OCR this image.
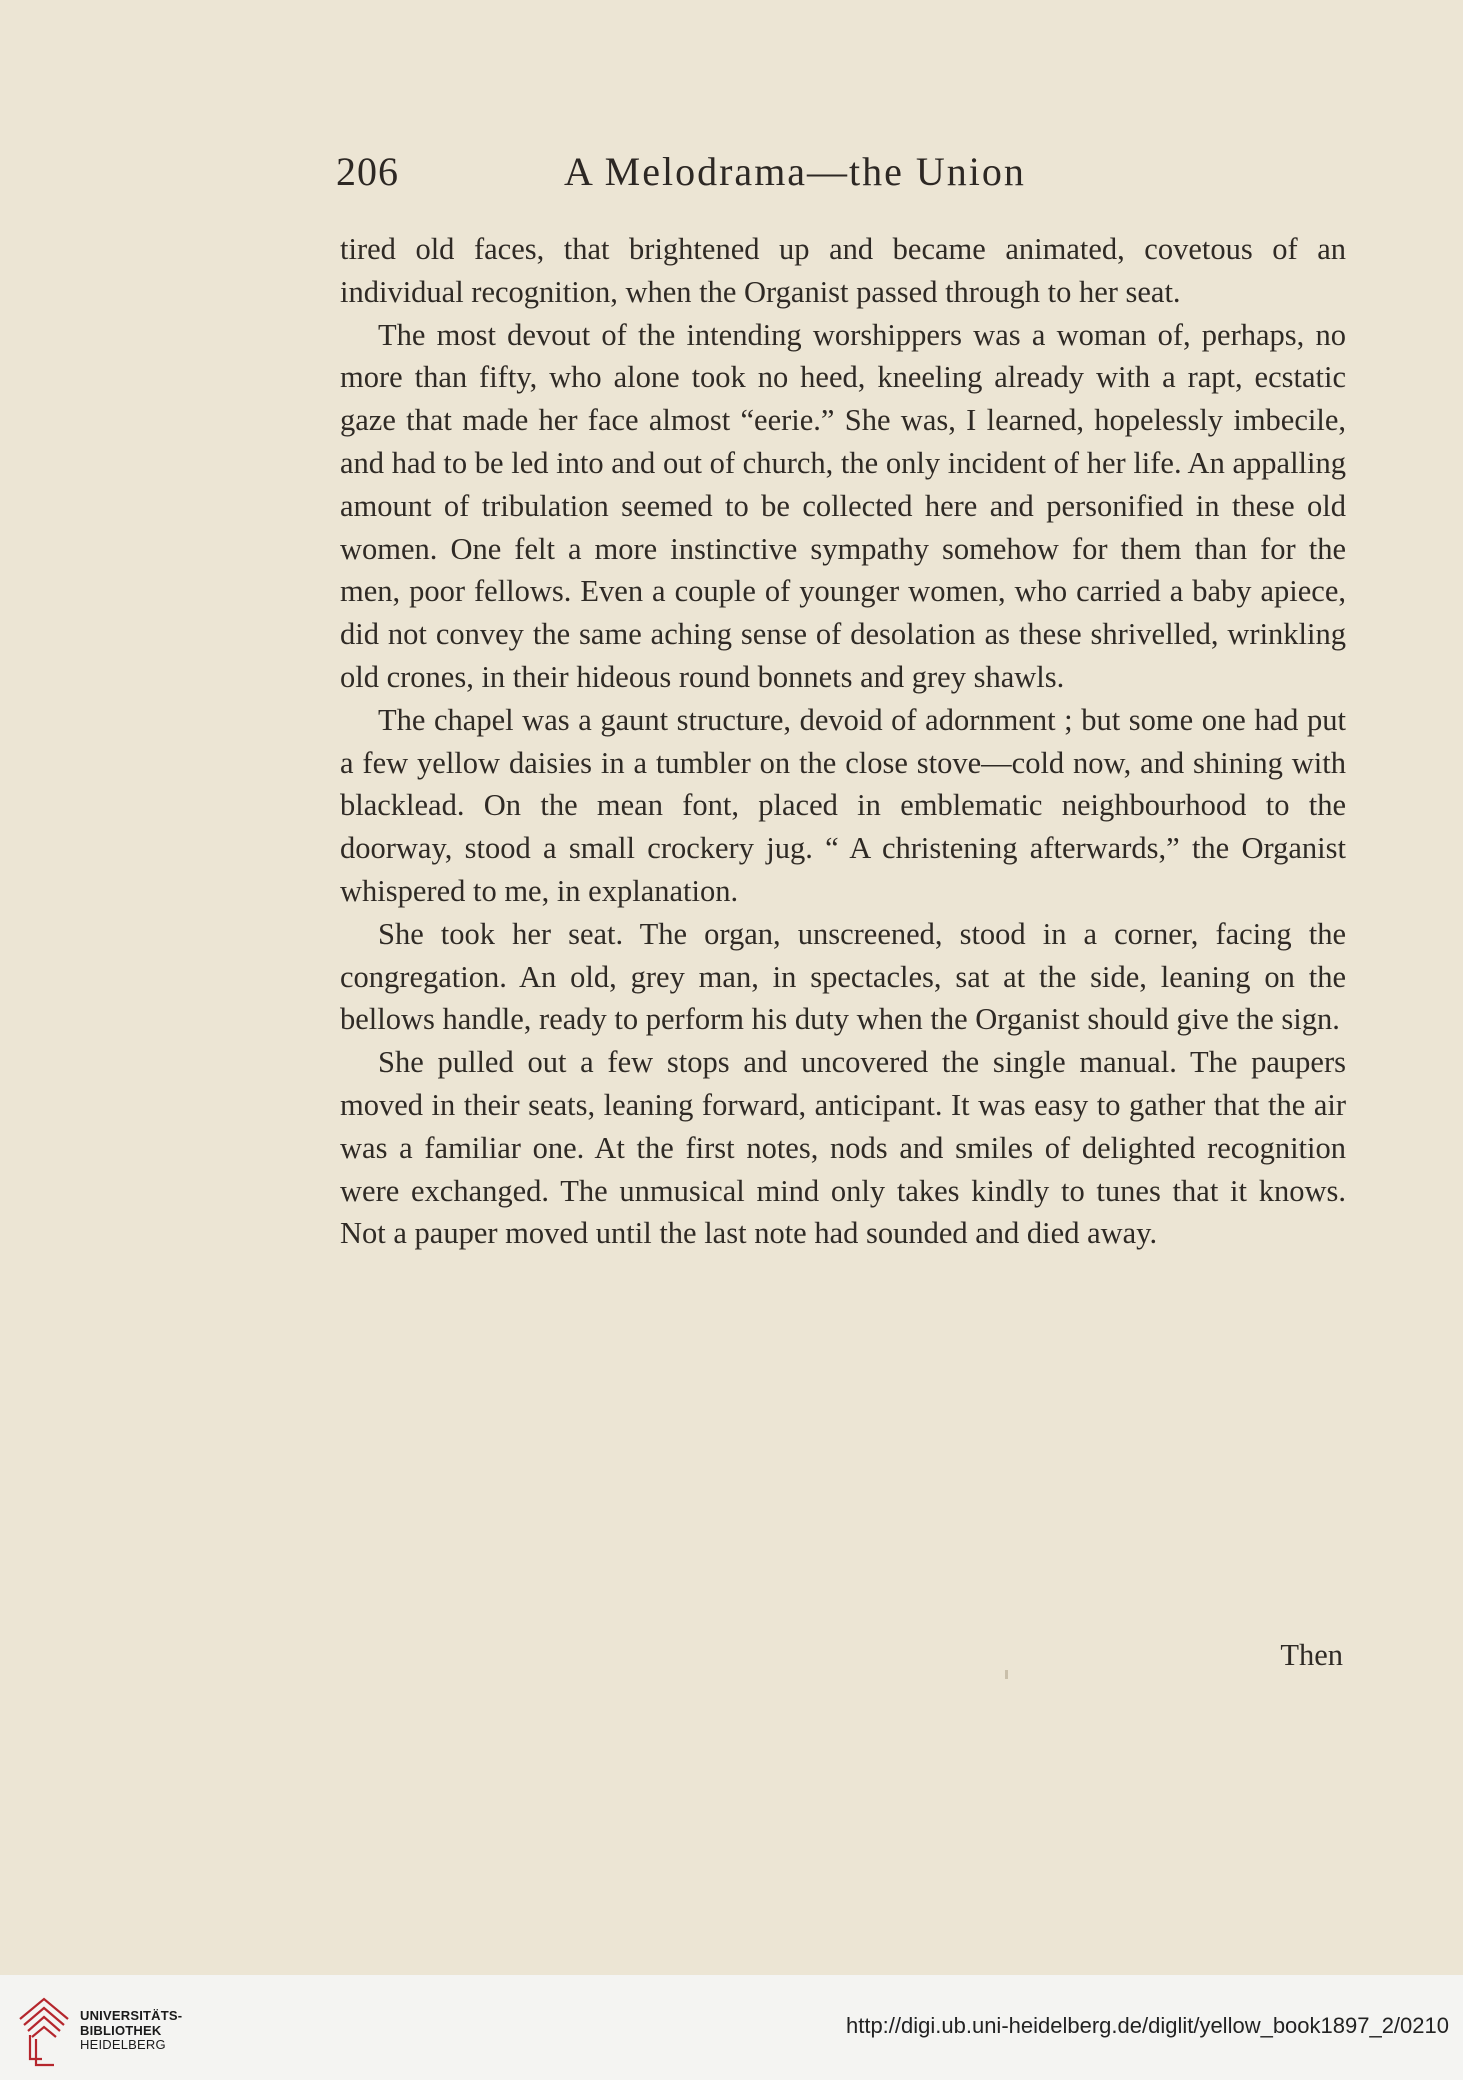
206	A Melodrama—the Union

tired old faces, that brightened up and became animated, covetous of an individual recognition, when the Organist passed through to her seat.

The most devout of the intending worshippers was a woman of, perhaps, no more than fifty, who alone took no heed, kneeling already with a rapt, ecstatic gaze that made her face almost “eerie.” She was, I learned, hopelessly imbecile, and had to be led into and out of church, the only incident of her life. An appalling amount of tribulation seemed to be collected here and personified in these old women. One felt a more instinctive sympathy somehow for them than for the men, poor fellows. Even a couple of younger women, who carried a baby apiece, did not convey the same aching sense of desolation as these shrivelled, wrinkling old crones, in their hideous round bonnets and grey shawls.

The chapel was a gaunt structure, devoid of adornment ; but some one had put a few yellow daisies in a tumbler on the close stove—cold now, and shining with blacklead. On the mean font, placed in emblematic neighbourhood to the doorway, stood a small crockery jug. “ A christening afterwards,” the Organist whispered to me, in explanation.

She took her seat. The organ, unscreened, stood in a corner, facing the congregation. An old, grey man, in spectacles, sat at the side, leaning on the bellows handle, ready to perform his duty when the Organist should give the sign.

She pulled out a few stops and uncovered the single manual. The paupers moved in their seats, leaning forward, anticipant. It was easy to gather that the air was a familiar one. At the first notes, nods and smiles of delighted recognition were exchanged. The unmusical mind only takes kindly to tunes that it knows. Not a pauper moved until the last note had sounded and died away.

Then
UNIVERSITÄTS-
BIBLIOTHEK
HEIDELBERG
http://digi.ub.uni-heidelberg.de/diglit/yellow_book1897_2/0210
